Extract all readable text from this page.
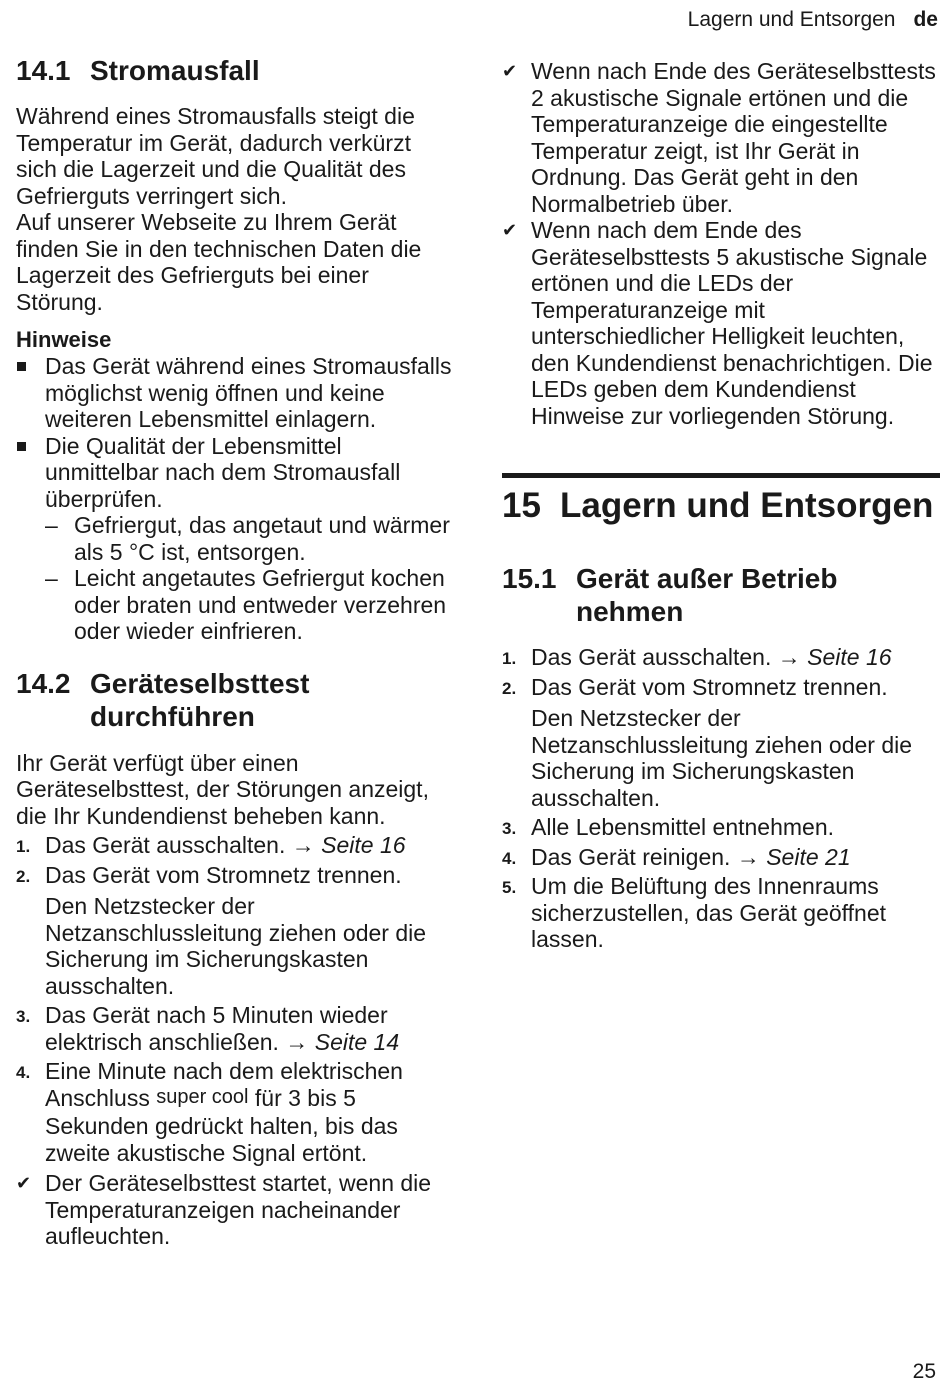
Lagern und Entsorgen de
14.1 Stromausfall

Während eines Stromausfalls steigt die Temperatur im Gerät, dadurch verkürzt sich die Lagerzeit und die Qualität des Gefrierguts verringert sich.

Auf unserer Webseite zu Ihrem Gerät finden Sie in den technischen Daten die Lagerzeit des Gefrierguts bei einer Störung.

Hinweise
Das Gerät während eines Stromausfalls möglichst wenig öffnen und keine weiteren Lebensmittel einlagern.
Die Qualität der Lebensmittel unmittelbar nach dem Stromausfall überprüfen.
– Gefriergut, das angetaut und wärmer als 5 °C ist, entsorgen.
– Leicht angetautes Gefriergut kochen oder braten und entweder verzehren oder wieder einfrieren.
14.2 Geräteselbsttest durchführen

Ihr Gerät verfügt über einen Geräteselbsttest, der Störungen anzeigt, die Ihr Kundendienst beheben kann.

1. Das Gerät ausschalten. → Seite 16
2. Das Gerät vom Stromnetz trennen.
Den Netzstecker der Netzanschlussleitung ziehen oder die Sicherung im Sicherungskasten ausschalten.
3. Das Gerät nach 5 Minuten wieder elektrisch anschließen. → Seite 14
4. Eine Minute nach dem elektrischen Anschluss super cool für 3 bis 5 Sekunden gedrückt halten, bis das zweite akustische Signal ertönt.
✔ Der Geräteselbsttest startet, wenn die Temperaturanzeigen nacheinander aufleuchten.
✔ Wenn nach Ende des Geräteselbsttests 2 akustische Signale ertönen und die Temperaturanzeige die eingestellte Temperatur zeigt, ist Ihr Gerät in Ordnung. Das Gerät geht in den Normalbetrieb über.
✔ Wenn nach dem Ende des Geräteselbsttests 5 akustische Signale ertönen und die LEDs der Temperaturanzeige mit unterschiedlicher Helligkeit leuchten, den Kundendienst benachrichtigen. Die LEDs geben dem Kundendienst Hinweise zur vorliegenden Störung.
15 Lagern und Entsorgen
15.1 Gerät außer Betrieb nehmen
1. Das Gerät ausschalten. → Seite 16
2. Das Gerät vom Stromnetz trennen.
Den Netzstecker der Netzanschlussleitung ziehen oder die Sicherung im Sicherungskasten ausschalten.
3. Alle Lebensmittel entnehmen.
4. Das Gerät reinigen. → Seite 21
5. Um die Belüftung des Innenraums sicherzustellen, das Gerät geöffnet lassen.
25
